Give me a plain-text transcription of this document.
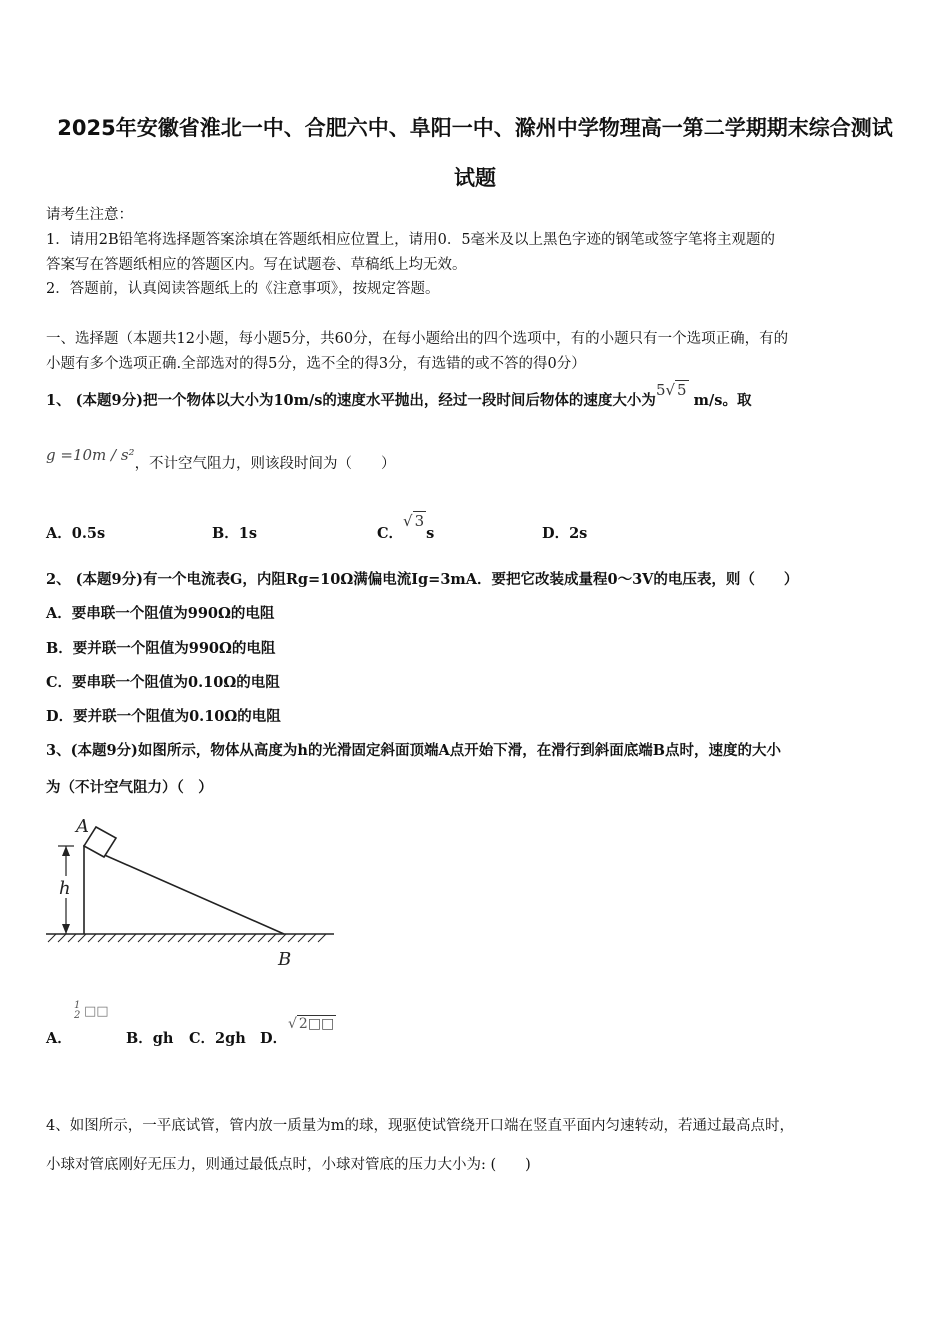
2025年安徽省淮北一中、合肥六中、阜阳一中、滁州中学物理高一第二学期期末综合测试
试题
请考生注意：
1．请用2B铅笔将选择题答案涂填在答题纸相应位置上，请用0．5毫米及以上黑色字迹的钢笔或签字笔将主观题的
答案写在答题纸相应的答题区内。写在试题卷、草稿纸上均无效。
2．答题前，认真阅读答题纸上的《注意事项》，按规定答题。
一、选择题（本题共12小题，每小题5分，共60分，在每小题给出的四个选项中，有的小题只有一个选项正确，有的
小题有多个选项正确.全部选对的得5分，选不全的得3分，有选错的或不答的得0分）
1、 (本题9分)把一个物体以大小为10m/s的速度水平抛出，经过一段时间后物体的速度大小为5√ 5 m/s。取
g =10m / s²，不计空气阻力，则该段时间为（　　）
A．0.5s	B．1s	C．√ 3s	D．2s
2、 (本题9分)有一个电流表G，内阻Rg=10Ω满偏电流Ig=3mA．要把它改装成量程0～3V的电压表，则（　　）
A．要串联一个阻值为990Ω的电阻
B．要并联一个阻值为990Ω的电阻
C．要串联一个阻值为0.10Ω的电阻
D．要并联一个阻值为0.10Ω的电阻
3、(本题9分)如图所示，物体从高度为h的光滑固定斜面顶端A点开始下滑，在滑行到斜面底端B点时，速度的大小
为（不计空气阻力）（　）
A
h
B
A．
1
2 □□
B．gh C．2gh D．
√ 2□□
4、如图所示，一平底试管，管内放一质量为m的球，现驱使试管绕开口端在竖直平面内匀速转动，若通过最高点时，
小球对管底刚好无压力，则通过最低点时，小球对管底的压力大小为: (　　)
